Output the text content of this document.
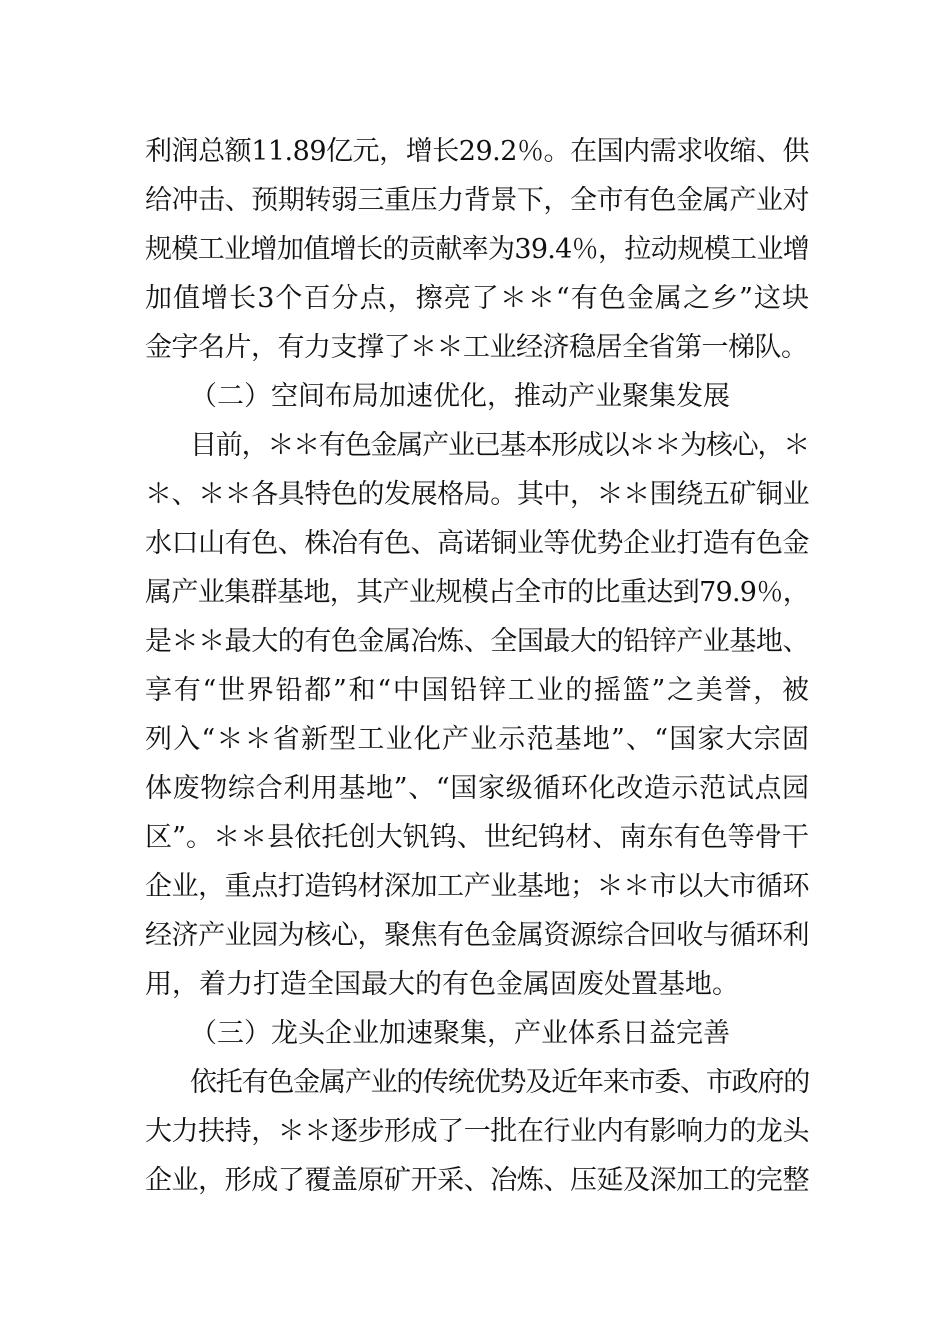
利润总额11.89亿元，增长29.2％。在国内需求收缩、供
给冲击、预期转弱三重压力背景下，全市有色金属产业对
规模工业增加值增长的贡献率为39.4％，拉动规模工业增
加值增长3个百分点，擦亮了＊＊“有色金属之乡”这块
金字名片，有力支撑了＊＊工业经济稳居全省第一梯队。
（二）空间布局加速优化，推动产业聚集发展
目前，＊＊有色金属产业已基本形成以＊＊为核心，＊
＊、＊＊各具特色的发展格局。其中，＊＊围绕五矿铜业
水口山有色、株冶有色、高诺铜业等优势企业打造有色金
属产业集群基地，其产业规模占全市的比重达到79.9％，
是＊＊最大的有色金属冶炼、全国最大的铅锌产业基地、
享有“世界铅都”和“中国铅锌工业的摇篮”之美誉，被
列入“＊＊省新型工业化产业示范基地”、“国家大宗固
体废物综合利用基地”、“国家级循环化改造示范试点园
区”。＊＊县依托创大钒钨、世纪钨材、南东有色等骨干
企业，重点打造钨材深加工产业基地；＊＊市以大市循环
经济产业园为核心，聚焦有色金属资源综合回收与循环利
用，着力打造全国最大的有色金属固废处置基地。
（三）龙头企业加速聚集，产业体系日益完善
依托有色金属产业的传统优势及近年来市委、市政府的
大力扶持，＊＊逐步形成了一批在行业内有影响力的龙头
企业，形成了覆盖原矿开采、冶炼、压延及深加工的完整
